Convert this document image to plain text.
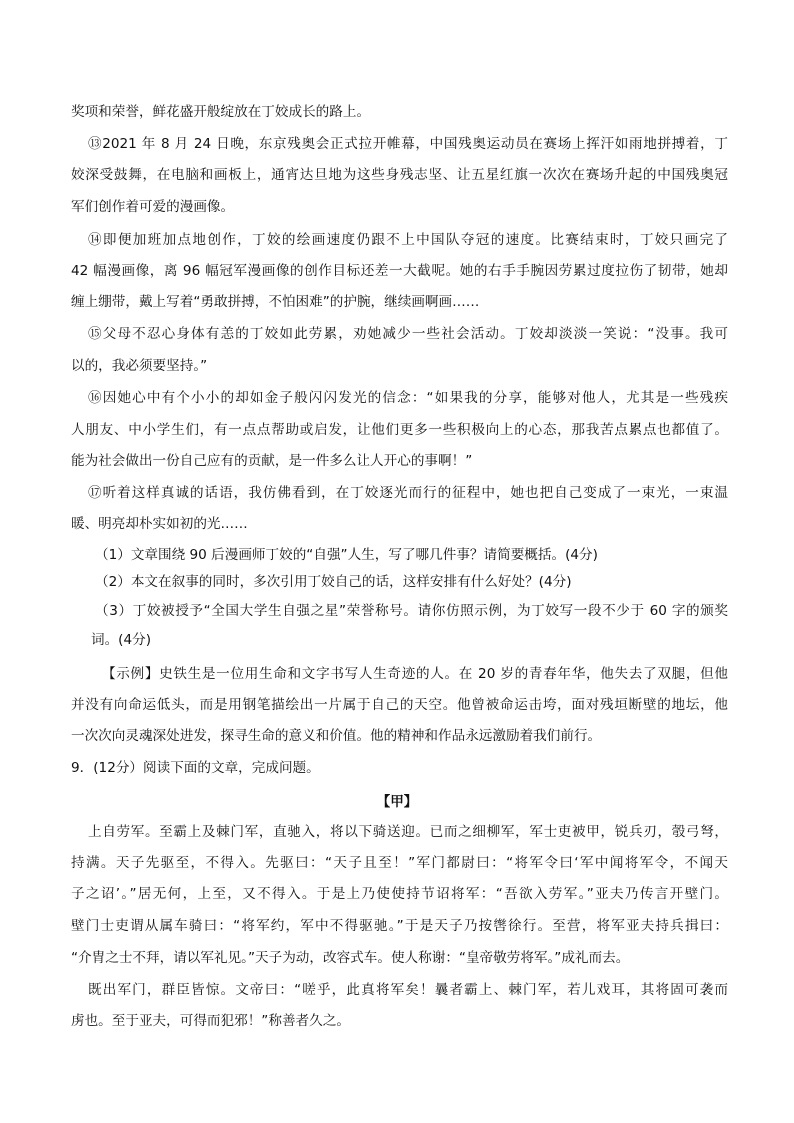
奖项和荣誉，鲜花盛开般绽放在丁姣成长的路上。
⑬2021 年 8 月 24 日晚，东京残奥会正式拉开帷幕，中国残奥运动员在赛场上挥汗如雨地拼搏着，丁
姣深受鼓舞，在电脑和画板上，通宵达旦地为这些身残志坚、让五星红旗一次次在赛场升起的中国残奥冠
军们创作着可爱的漫画像。
⑭即便加班加点地创作，丁姣的绘画速度仍跟不上中国队夺冠的速度。比赛结束时，丁姣只画完了
42 幅漫画像，离 96 幅冠军漫画像的创作目标还差一大截呢。她的右手手腕因劳累过度拉伤了韧带，她却
缠上绷带，戴上写着“勇敢拼搏，不怕困难”的护腕，继续画啊画……
⑮父母不忍心身体有恙的丁姣如此劳累，劝她减少一些社会活动。丁姣却淡淡一笑说：“没事。我可
以的，我必须要坚持。”
⑯因她心中有个小小的却如金子般闪闪发光的信念：“如果我的分享，能够对他人，尤其是一些残疾
人朋友、中小学生们，有一点点帮助或启发，让他们更多一些积极向上的心态，那我苦点累点也都值了。
能为社会做出一份自己应有的贡献，是一件多么让人开心的事啊！”
⑰听着这样真诚的话语，我仿佛看到，在丁姣逐光而行的征程中，她也把自己变成了一束光，一束温
暖、明亮却朴实如初的光……
（1）文章围绕 90 后漫画师丁姣的“自强”人生，写了哪几件事？请简要概括。(4分)
（2）本文在叙事的同时，多次引用丁姣自己的话，这样安排有什么好处？(4分)
（3）丁姣被授予“全国大学生自强之星”荣誉称号。请你仿照示例，为丁姣写一段不少于 60 字的颁奖
词。(4分)
【示例】史铁生是一位用生命和文字书写人生奇迹的人。在 20 岁的青春年华，他失去了双腿，但他
并没有向命运低头，而是用钢笔描绘出一片属于自己的天空。他曾被命运击垮，面对残垣断壁的地坛，他
一次次向灵魂深处进发，探寻生命的意义和价值。他的精神和作品永远激励着我们前行。
9．(12分）阅读下面的文章，完成问题。
【甲】
上自劳军。至霸上及棘门军，直驰入，将以下骑送迎。已而之细柳军，军士吏被甲，锐兵刃，彀弓弩，
持满。天子先驱至，不得入。先驱曰：“天子且至！”军门都尉曰：“将军令曰‘军中闻将军令，不闻天
子之诏’。”居无何，上至，又不得入。于是上乃使使持节诏将军：“吾欲入劳军。”亚夫乃传言开壁门。
壁门士吏谓从属车骑曰：“将军约，军中不得驱驰。”于是天子乃按辔徐行。至营，将军亚夫持兵揖曰：
“介胄之士不拜，请以军礼见。”天子为动，改容式车。使人称谢：“皇帝敬劳将军。”成礼而去。
既出军门，群臣皆惊。文帝曰：“嗟乎，此真将军矣！曩者霸上、棘门军，若儿戏耳，其将固可袭而
虏也。至于亚夫，可得而犯邪！”称善者久之。
